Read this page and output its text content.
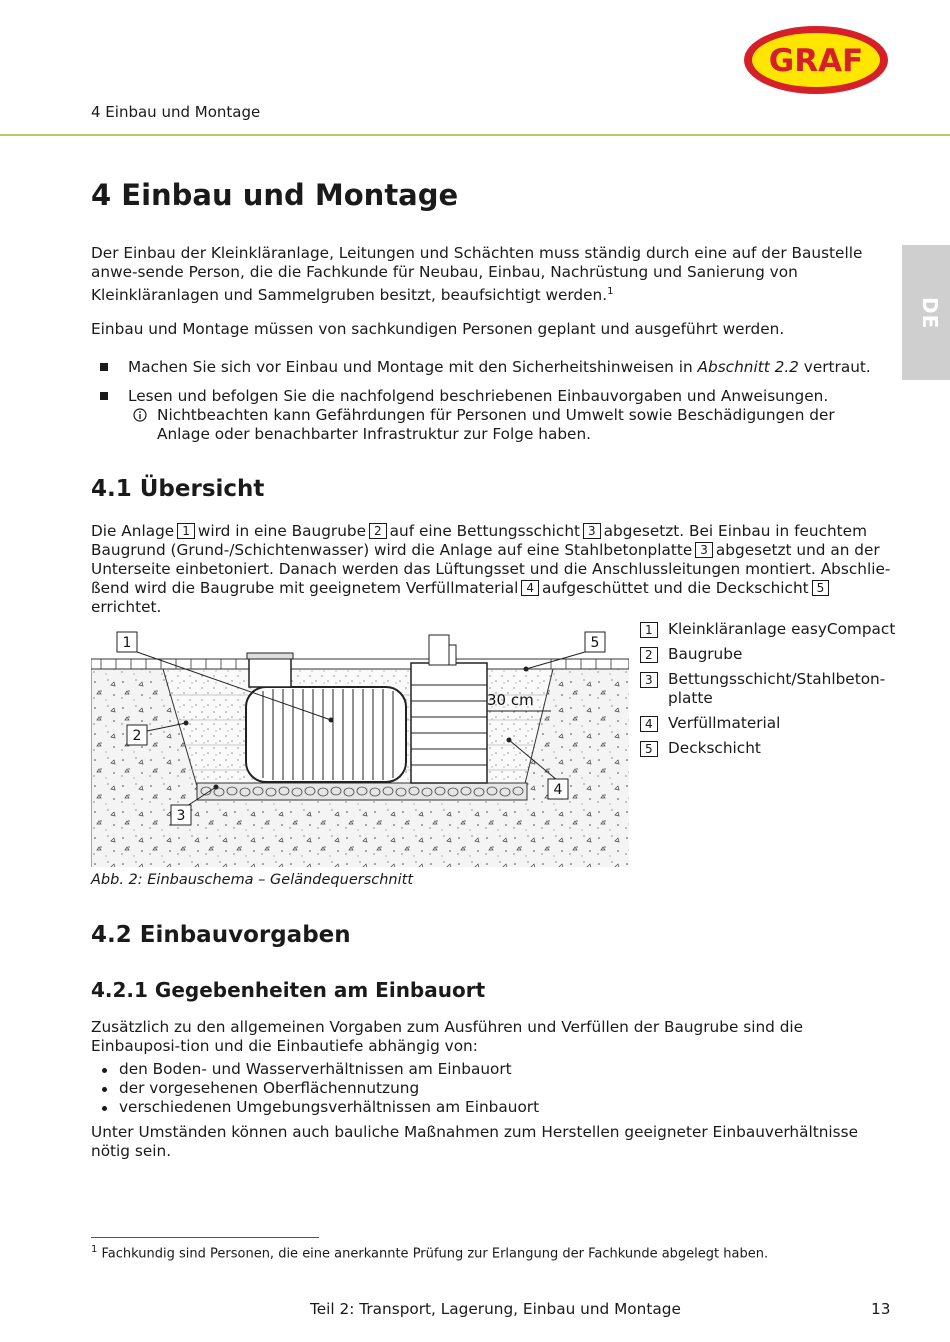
4 Einbau und Montage
GRAF
DE
4 Einbau und Montage

Der Einbau der Kleinkläranlage, Leitungen und Schächten muss ständig durch eine auf der Baustelle anwe-sende Person, die die Fachkunde für Neubau, Einbau, Nachrüstung und Sanierung von Kleinkläranlagen und Sammelgruben besitzt, beaufsichtigt werden.$^1$

Einbau und Montage müssen von sachkundigen Personen geplant und ausgeführt werden.
Machen Sie sich vor Einbau und Montage mit den Sicherheitshinweisen in Abschnitt 2.2 vertraut.
Lesen und befolgen Sie die nachfolgend beschriebenen Einbauvorgaben und Anweisungen.
Nichtbeachten kann Gefährdungen für Personen und Umwelt sowie Beschädigungen der Anlage oder benachbarter Infrastruktur zur Folge haben.
4.1 Übersicht
Die Anlage 1 wird in eine Baugrube 2 auf eine Bettungsschicht 3 abgesetzt. Bei Einbau in feuchtem Baugrund (Grund-/Schichtenwasser) wird die Anlage auf eine Stahlbetonplatte 3 abgesetzt und an der Unterseite einbetoniert. Danach werden das Lüftungsset und die Anschlussleitungen montiert. Abschlie-ßend wird die Baugrube mit geeignetem Verfüllmaterial 4 aufgeschüttet und die Deckschicht 5errichtet.
30 cm
1	5
2
4
3
1	Kleinkläranlage easyCompact
2	Baugrube
3	Bettungsschicht/Stahlbeton-platte
4	Verfüllmaterial
5	Deckschicht
Abb. 2: Einbauschema – Geländequerschnitt
4.2 Einbauvorgaben
4.2.1 Gegebenheiten am Einbauort
Zusätzlich zu den allgemeinen Vorgaben zum Ausführen und Verfüllen der Baugrube sind die Einbauposi-tion und die Einbautiefe abhängig von:
den Boden- und Wasserverhältnissen am Einbauort
der vorgesehenen Oberflächennutzung
verschiedenen Umgebungsverhältnissen am Einbauort
Unter Umständen können auch bauliche Maßnahmen zum Herstellen geeigneter Einbauverhältnisse nötig sein.
$^1$ Fachkundig sind Personen, die eine anerkannte Prüfung zur Erlangung der Fachkunde abgelegt haben.
Teil 2: Transport, Lagerung, Einbau und Montage	13
